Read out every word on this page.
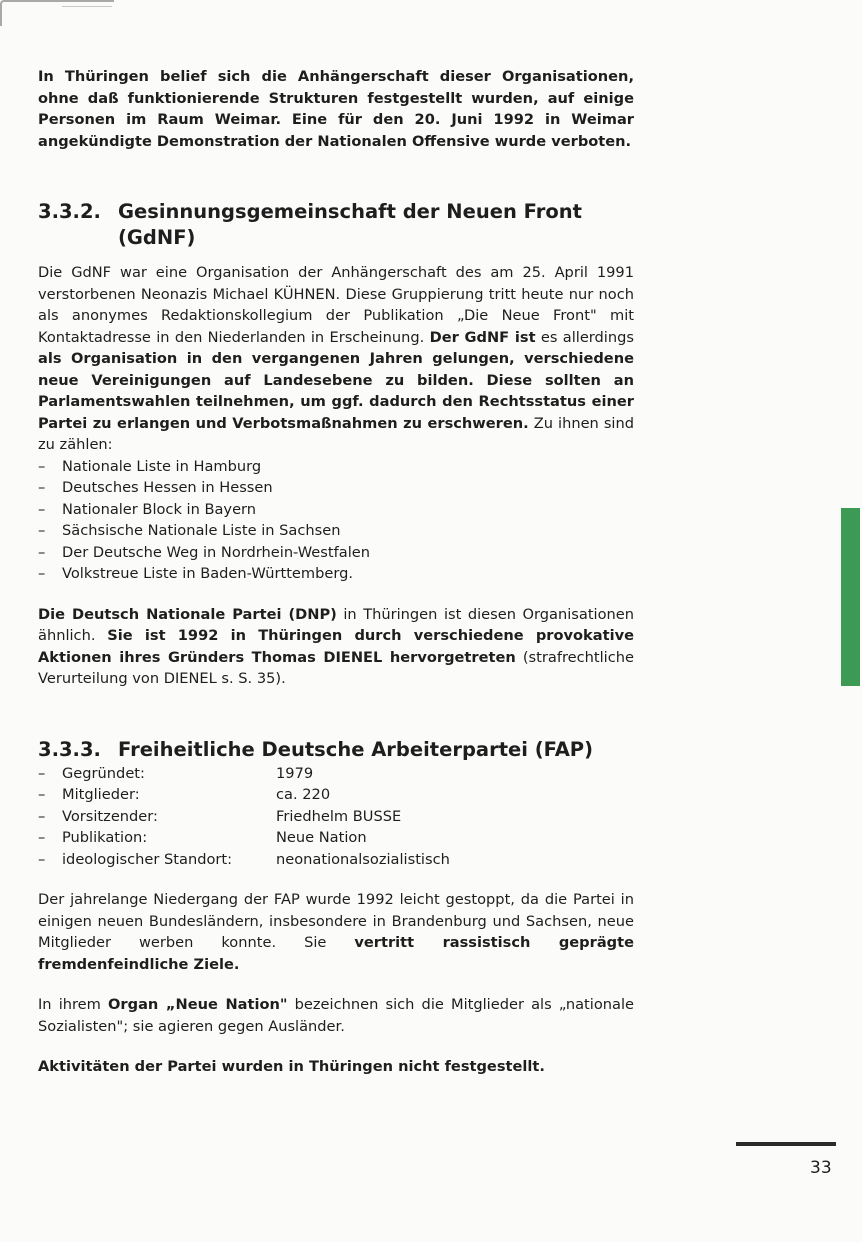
In Thüringen belief sich die Anhängerschaft dieser Organisationen, ohne daß funktionierende Strukturen festgestellt wurden, auf einige Personen im Raum Weimar. Eine für den 20. Juni 1992 in Weimar angekündigte Demonstration der Nationalen Offensive wurde verboten.

3.3.2. Gesinnungsgemeinschaft der Neuen Front (GdNF)

Die GdNF war eine Organisation der Anhängerschaft des am 25. April 1991 verstorbenen Neonazis Michael KÜHNEN. Diese Gruppierung tritt heute nur noch als anonymes Redaktionskollegium der Publikation „Die Neue Front" mit Kontaktadresse in den Niederlanden in Erscheinung. Der GdNF ist es allerdings als Organisation in den vergangenen Jahren gelungen, verschiedene neue Vereinigungen auf Landesebene zu bilden. Diese sollten an Parlamentswahlen teilnehmen, um ggf. dadurch den Rechtsstatus einer Partei zu erlangen und Verbotsmaßnahmen zu erschweren. Zu ihnen sind zu zählen:

– Nationale Liste in Hamburg
– Deutsches Hessen in Hessen
– Nationaler Block in Bayern
– Sächsische Nationale Liste in Sachsen
– Der Deutsche Weg in Nordrhein-Westfalen
– Volkstreue Liste in Baden-Württemberg.

Die Deutsch Nationale Partei (DNP) in Thüringen ist diesen Organisationen ähnlich. Sie ist 1992 in Thüringen durch verschiedene provokative Aktionen ihres Gründers Thomas DIENEL hervorgetreten (strafrechtliche Verurteilung von DIENEL s. S. 35).

3.3.3. Freiheitliche Deutsche Arbeiterpartei (FAP)
– Gegründet:	1979
– Mitglieder:	ca. 220
– Vorsitzender:	Friedhelm BUSSE
– Publikation:	Neue Nation
– ideologischer Standort:	neonationalsozialistisch

Der jahrelange Niedergang der FAP wurde 1992 leicht gestoppt, da die Partei in einigen neuen Bundesländern, insbesondere in Brandenburg und Sachsen, neue Mitglieder werben konnte. Sie vertritt rassistisch geprägte fremdenfeindliche Ziele.

In ihrem Organ „Neue Nation" bezeichnen sich die Mitglieder als „nationale Sozialisten"; sie agieren gegen Ausländer.

Aktivitäten der Partei wurden in Thüringen nicht festgestellt.

33
